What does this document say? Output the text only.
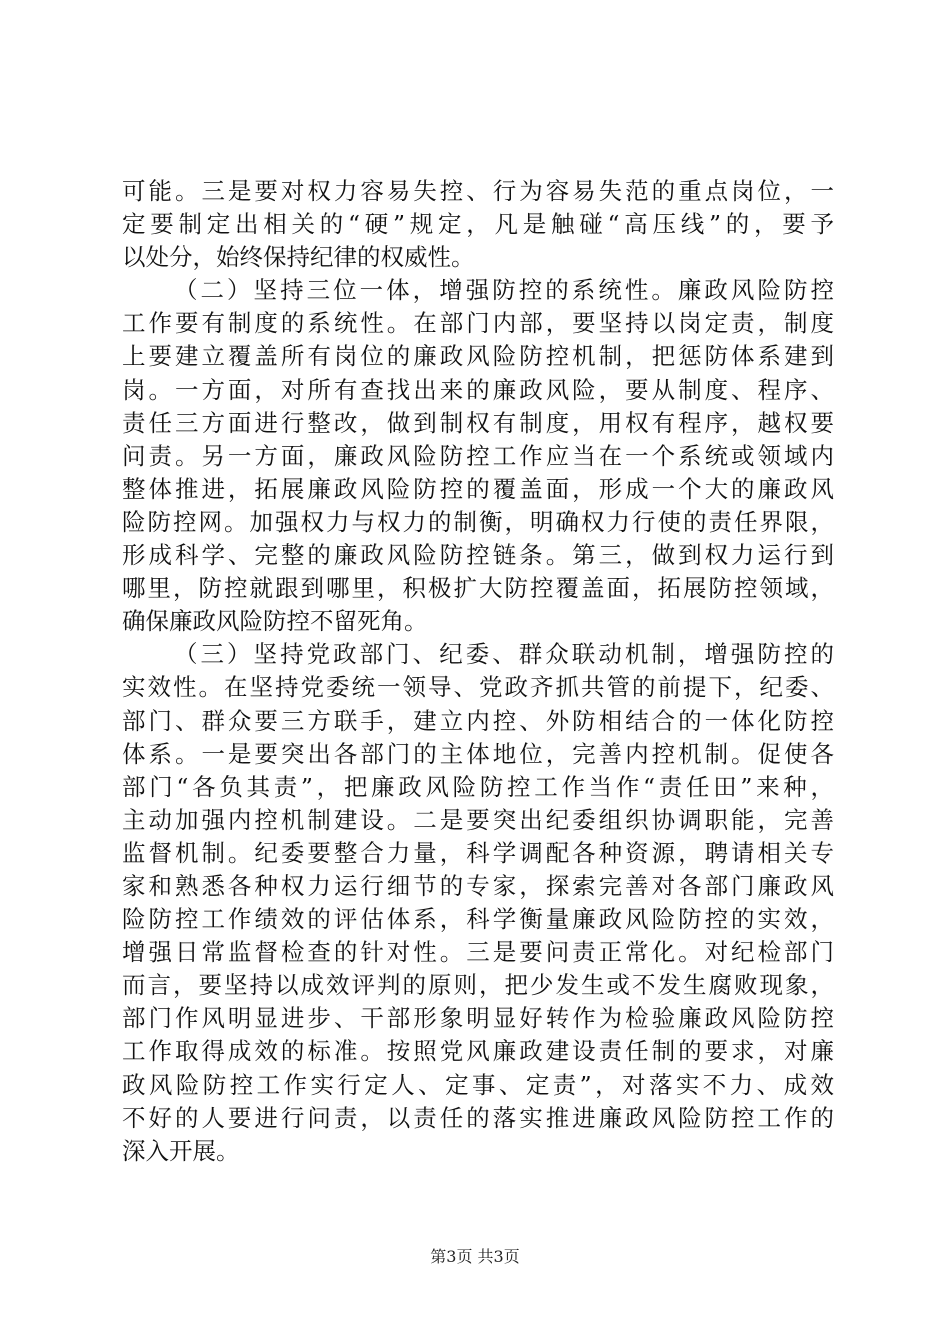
可能。三是要对权力容易失控、行为容易失范的重点岗位，一
定要制定出相关的“硬”规定，凡是触碰“高压线”的，要予
以处分，始终保持纪律的权威性。
（二）坚持三位一体，增强防控的系统性。廉政风险防控
工作要有制度的系统性。在部门内部，要坚持以岗定责，制度
上要建立覆盖所有岗位的廉政风险防控机制，把惩防体系建到
岗。一方面，对所有查找出来的廉政风险，要从制度、程序、
责任三方面进行整改，做到制权有制度，用权有程序，越权要
问责。另一方面，廉政风险防控工作应当在一个系统或领域内
整体推进，拓展廉政风险防控的覆盖面，形成一个大的廉政风
险防控网。加强权力与权力的制衡，明确权力行使的责任界限，
形成科学、完整的廉政风险防控链条。第三，做到权力运行到
哪里，防控就跟到哪里，积极扩大防控覆盖面，拓展防控领域，
确保廉政风险防控不留死角。
（三）坚持党政部门、纪委、群众联动机制，增强防控的
实效性。在坚持党委统一领导、党政齐抓共管的前提下，纪委、
部门、群众要三方联手，建立内控、外防相结合的一体化防控
体系。一是要突出各部门的主体地位，完善内控机制。促使各
部门“各负其责”，把廉政风险防控工作当作“责任田”来种，
主动加强内控机制建设。二是要突出纪委组织协调职能，完善
监督机制。纪委要整合力量，科学调配各种资源，聘请相关专
家和熟悉各种权力运行细节的专家，探索完善对各部门廉政风
险防控工作绩效的评估体系，科学衡量廉政风险防控的实效，
增强日常监督检查的针对性。三是要问责正常化。对纪检部门
而言，要坚持以成效评判的原则，把少发生或不发生腐败现象，
部门作风明显进步、干部形象明显好转作为检验廉政风险防控
工作取得成效的标准。按照党风廉政建设责任制的要求，对廉
政风险防控工作实行定人、定事、定责”，对落实不力、成效
不好的人要进行问责，以责任的落实推进廉政风险防控工作的
深入开展。
第3页 共3页
